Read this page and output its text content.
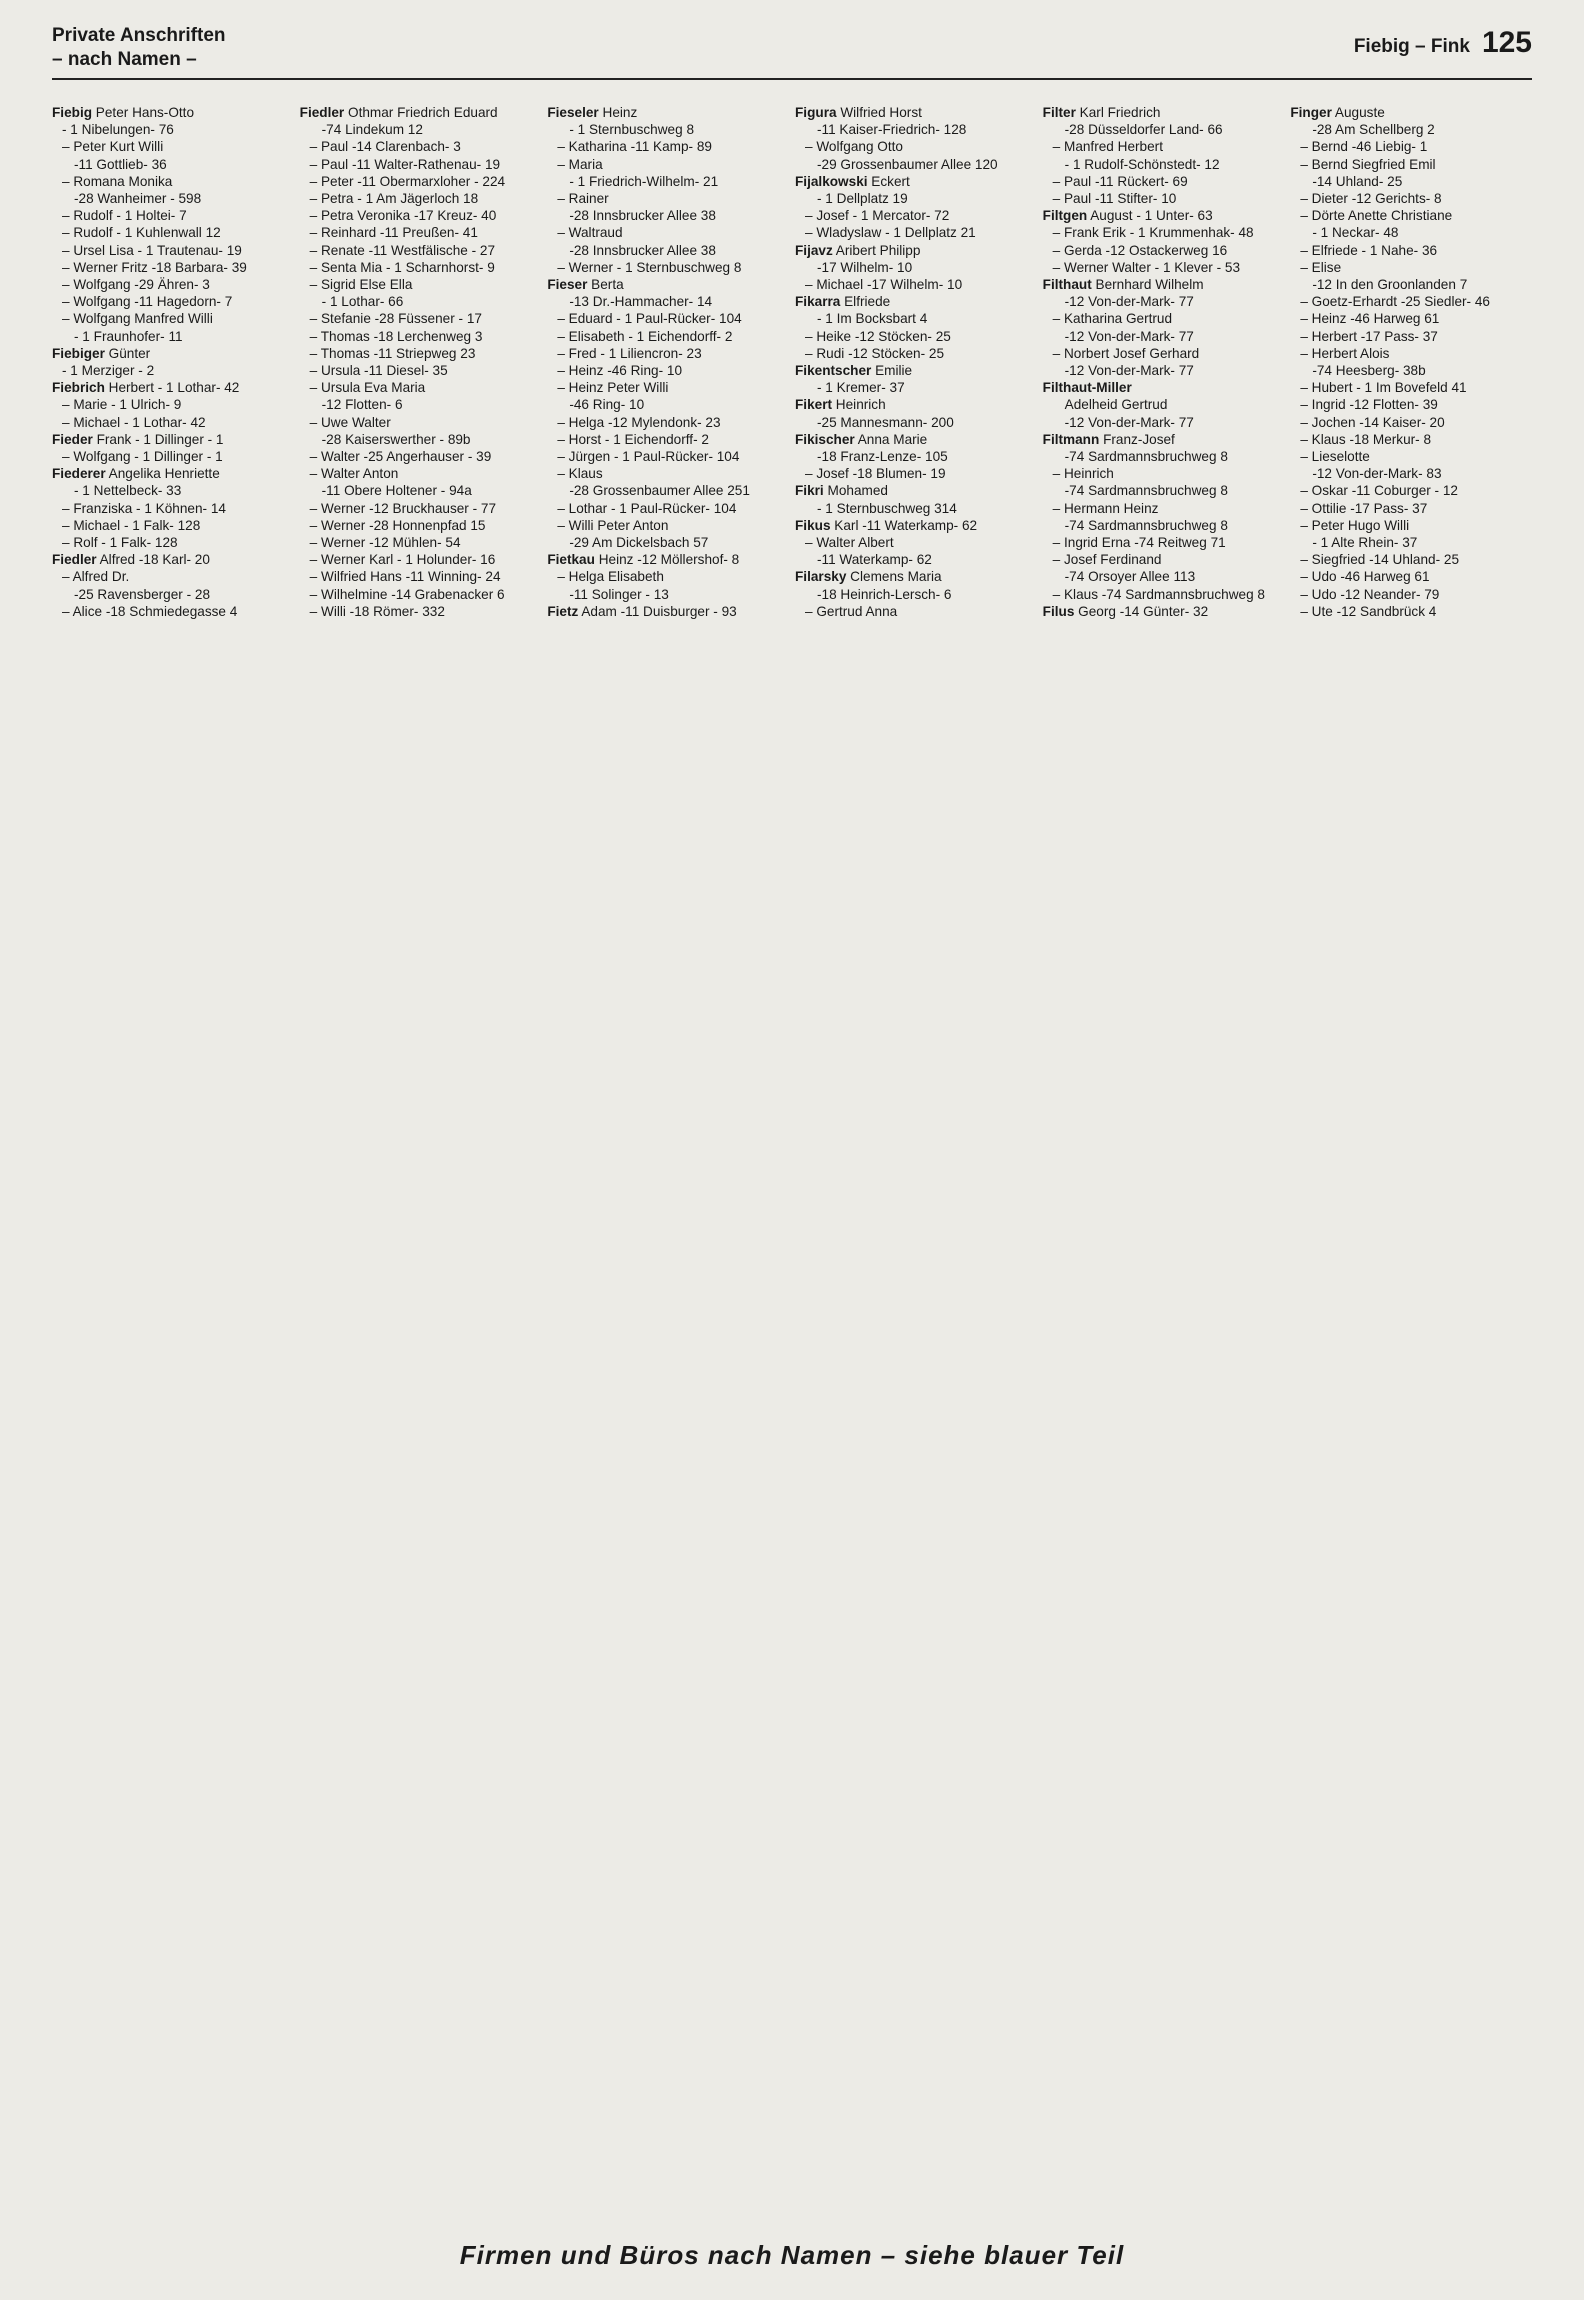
Private Anschriften
– nach Namen –
Fiebig – Fink 125
Fiebig Peter Hans-Otto
- 1 Nibelungen- 76
– Peter Kurt Willi
-11 Gottlieb- 36
– Romana Monika
-28 Wanheimer - 598
– Rudolf - 1 Holtei- 7
– Rudolf - 1 Kuhlenwall 12
– Ursel Lisa - 1 Trautenau- 19
– Werner Fritz -18 Barbara- 39
– Wolfgang -29 Ähren- 3
– Wolfgang -11 Hagedorn- 7
– Wolfgang Manfred Willi
- 1 Fraunhofer- 11
Fiebiger Günter
- 1 Merziger - 2
Fiebrich Herbert - 1 Lothar- 42
– Marie - 1 Ulrich- 9
– Michael - 1 Lothar- 42
Fieder Frank - 1 Dillinger - 1
– Wolfgang - 1 Dillinger - 1
Fiederer Angelika Henriette
- 1 Nettelbeck- 33
– Franziska - 1 Köhnen- 14
– Michael - 1 Falk- 128
– Rolf - 1 Falk- 128
Fiedler Alfred -18 Karl- 20
– Alfred Dr.
-25 Ravensberger - 28
– Alice -18 Schmiedegasse 4
Fiedler Othmar Friedrich Eduard
-74 Lindekum 12
– Paul -14 Clarenbach- 3
– Paul -11 Walter-Rathenau- 19
– Peter -11 Obermarxloher - 224
– Petra - 1 Am Jägerloch 18
– Petra Veronika -17 Kreuz- 40
– Reinhard -11 Preußen- 41
– Renate -11 Westfälische - 27
– Senta Mia - 1 Scharnhorst- 9
– Sigrid Else Ella
- 1 Lothar- 66
– Stefanie -28 Füssener - 17
– Thomas -18 Lerchenweg 3
– Thomas -11 Striepweg 23
– Ursula -11 Diesel- 35
– Ursula Eva Maria
-12 Flotten- 6
– Uwe Walter
-28 Kaiserswerther - 89b
– Walter -25 Angerhauser - 39
– Walter Anton
-11 Obere Holtener - 94a
– Werner -12 Bruckhauser - 77
– Werner -28 Honnenpfad 15
– Werner -12 Mühlen- 54
– Werner Karl - 1 Holunder- 16
– Wilfried Hans -11 Winning- 24
– Wilhelmine -14 Grabenacker 6
– Willi -18 Römer- 332
Fieseler Heinz
- 1 Sternbuschweg 8
– Katharina -11 Kamp- 89
– Maria
- 1 Friedrich-Wilhelm- 21
– Rainer
-28 Innsbrucker Allee 38
– Waltraud
-28 Innsbrucker Allee 38
– Werner - 1 Sternbuschweg 8
Fieser Berta
-13 Dr.-Hammacher- 14
– Eduard - 1 Paul-Rücker- 104
– Elisabeth - 1 Eichendorff- 2
– Fred - 1 Liliencron- 23
– Heinz -46 Ring- 10
– Heinz Peter Willi
-46 Ring- 10
– Helga -12 Mylendonk- 23
– Horst - 1 Eichendorff- 2
– Jürgen - 1 Paul-Rücker- 104
– Klaus
-28 Grossenbaumer Allee 251
– Lothar - 1 Paul-Rücker- 104
– Willi Peter Anton
-29 Am Dickelsbach 57
Fietkau Heinz -12 Möllershof- 8
– Helga Elisabeth
-11 Solinger - 13
Fietz Adam -11 Duisburger - 93
Figura Wilfried Horst
-11 Kaiser-Friedrich- 128
– Wolfgang Otto
-29 Grossenbaumer Allee 120
Fijalkowski Eckert
- 1 Dellplatz 19
– Josef - 1 Mercator- 72
– Wladyslaw - 1 Dellplatz 21
Fijavz Aribert Philipp
-17 Wilhelm- 10
– Michael -17 Wilhelm- 10
Fikarra Elfriede
- 1 Im Bocksbart 4
– Heike -12 Stöcken- 25
– Rudi -12 Stöcken- 25
Fikentscher Emilie
- 1 Kremer- 37
Fikert Heinrich
-25 Mannesmann- 200
Fikischer Anna Marie
-18 Franz-Lenze- 105
– Josef -18 Blumen- 19
Fikri Mohamed
- 1 Sternbuschweg 314
Fikus Karl -11 Waterkamp- 62
– Walter Albert
-11 Waterkamp- 62
Filarsky Clemens Maria
-18 Heinrich-Lersch- 6
– Gertrud Anna
Filter Karl Friedrich
-28 Düsseldorfer Land- 66
– Manfred Herbert
- 1 Rudolf-Schönstedt- 12
– Paul -11 Rückert- 69
– Paul -11 Stifter- 10
Filtgen August - 1 Unter- 63
– Frank Erik - 1 Krummenhak- 48
– Gerda -12 Ostackerweg 16
– Werner Walter - 1 Klever - 53
Filthaut Bernhard Wilhelm
-12 Von-der-Mark- 77
– Katharina Gertrud
-12 Von-der-Mark- 77
– Norbert Josef Gerhard
-12 Von-der-Mark- 77
Filthaut-Miller
Adelheid Gertrud
-12 Von-der-Mark- 77
Filtmann Franz-Josef
-74 Sardmannsbruchweg 8
– Heinrich
-74 Sardmannsbruchweg 8
– Hermann Heinz
-74 Sardmannsbruchweg 8
– Ingrid Erna -74 Reitweg 71
– Josef Ferdinand
-74 Orsoyer Allee 113
– Klaus -74 Sardmannsbruchweg 8
Filus Georg -14 Günter- 32
Finger Auguste
-28 Am Schellberg 2
– Bernd -46 Liebig- 1
– Bernd Siegfried Emil
-14 Uhland- 25
– Dieter -12 Gerichts- 8
– Dörte Anette Christiane
- 1 Neckar- 48
– Elfriede - 1 Nahe- 36
– Elise
-12 In den Groonlanden 7
– Goetz-Erhardt -25 Siedler- 46
– Heinz -46 Harweg 61
– Herbert -17 Pass- 37
– Herbert Alois
-74 Heesberg- 38b
– Hubert - 1 Im Bovefeld 41
– Ingrid -12 Flotten- 39
– Jochen -14 Kaiser- 20
– Klaus -18 Merkur- 8
– Lieselotte
-12 Von-der-Mark- 83
– Oskar -11 Coburger - 12
– Ottilie -17 Pass- 37
– Peter Hugo Willi
- 1 Alte Rhein- 37
– Siegfried -14 Uhland- 25
– Udo -46 Harweg 61
– Udo -12 Neander- 79
– Ute -12 Sandbrück 4
Firmen und Büros nach Namen – siehe blauer Teil
